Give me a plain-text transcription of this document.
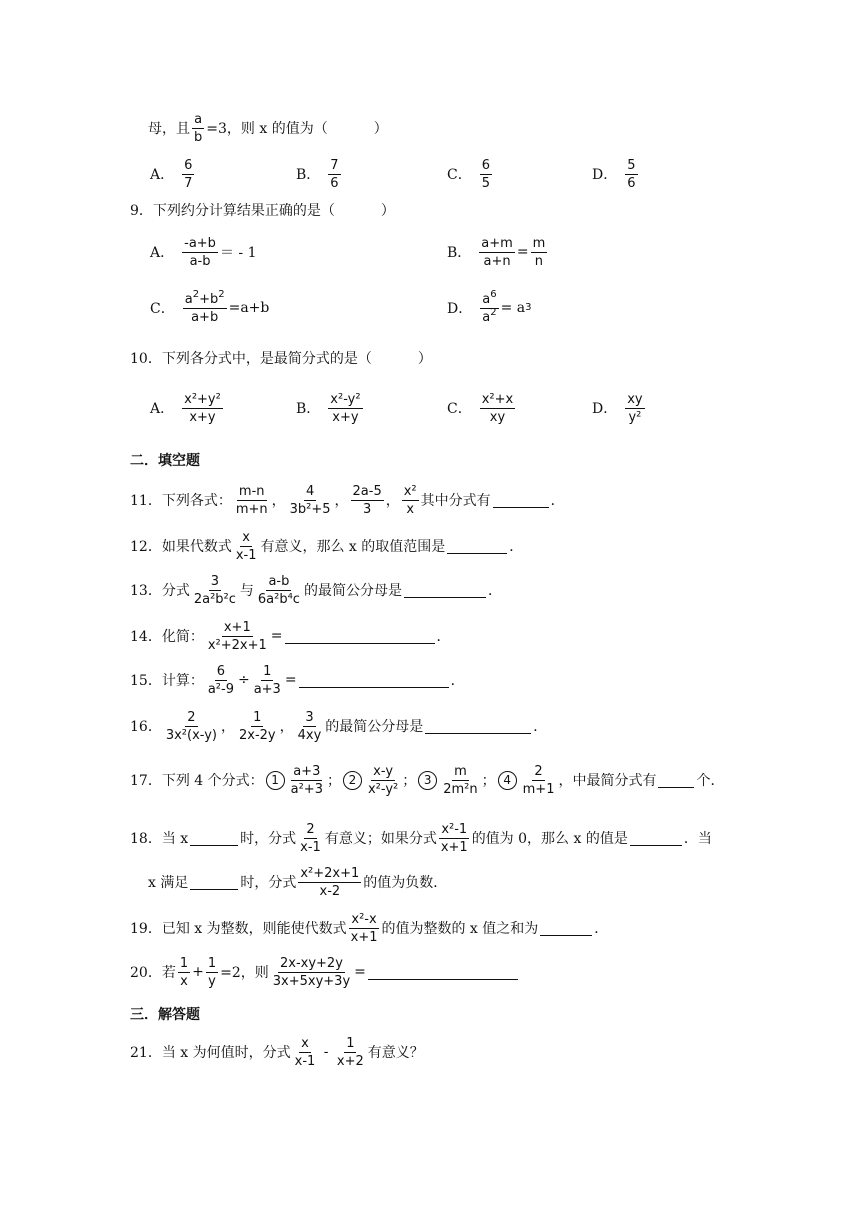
母，且 $\frac{a}{b} =3$，则 x 的值为（	）
A． $\frac{6}{7}$	B． $\frac{7}{6}$	C． $\frac{6}{5}$	D． $\frac{5}{6}$
9．下列约分计算结果正确的是（	）
A． $\frac{-a+b}{a-b}$ ＝ - 1	B． $\frac{a+m}{a+n} = \frac{m}{n}$
C． $\frac{a^2+b^2}{a+b} =a+b$	D． $\frac{a^6}{a^2} = a$ 3
10．下列各分式中，是最简分式的是（	）
A． $\frac{\text{x²+y²}}{x+y}$	B． $\frac{\text{x²-y²}}{x+y}$	C． $\frac{\text{x²+x}}{xy}$	D． $\frac{xy}{\text{y²}}$
二．填空题
11．下列各式： $\frac{m-n}{m+n}$ ， $\frac{4}{\text{3b²+5}}$ ， $\frac{2a-5}{3}$ ， $\frac{\text{x²}}{x}$ 其中分式有	．
12．如果代数式 $\frac{x}{x-1}$ 有意义，那么 x 的取值范围是	．
13．分式 $\frac{3}{\text{2a²b²c}}$ 与 $\frac{a-b}{\text{6a²b⁴c}}$ 的最简公分母是	．
14．化简： $\frac{x+1}{\text{x²+2x+1}}$ =	．
15．计算： $\frac{6}{\text{a²-9}} \div \frac{1}{a+3}$ =	．
16． $\frac{2}{\text{3x²(x-y)}}$ ， $\frac{1}{2x-2y}$ ， $\frac{3}{4xy}$ 的最简公分母是	．
17．下列 4 个分式： $1 \frac{a+3}{\text{a²+3}}$ ； $2 \frac{x-y}{\text{x²-y²}}$ ； $3 \frac{m}{\text{2m²n}}$ ； $4 \frac{2}{m+1}$ ，中最简分式有	个．
18．当 x	时，分式 $\frac{2}{x-1}$ 有意义；如果分式 $\frac{\text{x²-1}}{x+1}$ 的值为 0，那么 x 的值是	．当
x 满足	时，分式 $\frac{\text{x²+2x+1}}{x-2}$ 的值为负数．
19．已知 x 为整数，则能使代数式 $\frac{\text{x²-x}}{x+1}$ 的值为整数的 x 值之和为	．
20．若 $\frac{1}{x} + \frac{1}{y} =2$，则 $\frac{2x-xy+2y}{3x+5xy+3y}$ =
三．解答题
21．当 x 为何值时，分式 $\frac{x}{x-1} - \frac{1}{x+2}$ 有意义？
